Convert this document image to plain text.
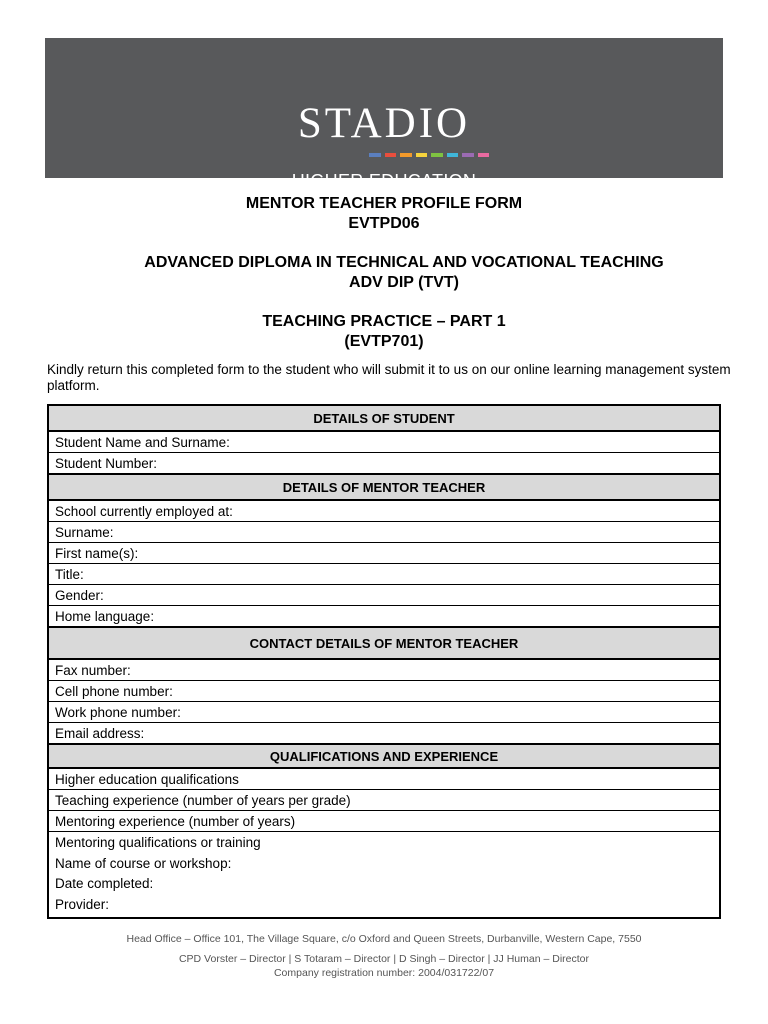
STADIO
HIGHER EDUCATION
MENTOR TEACHER PROFILE FORM
EVTPD06
ADVANCED DIPLOMA IN TECHNICAL AND VOCATIONAL TEACHING
ADV DIP (TVT)
TEACHING PRACTICE – PART 1
(EVTP701)
Kindly return this completed form to the student who will submit it to us on our online learning management system platform.
DETAILS OF STUDENT
Student Name and Surname:
Student Number:
DETAILS OF MENTOR TEACHER
School currently employed at:
Surname:
First name(s):
Title:
Gender:
Home language:
CONTACT DETAILS OF MENTOR TEACHER
Fax number:
Cell phone number:
Work phone number:
Email address:
QUALIFICATIONS AND EXPERIENCE
Higher education qualifications
Teaching experience (number of years per grade)
Mentoring experience (number of years)

Mentoring qualifications or training
Name of course or workshop:
Date completed:
Provider:
Head Office – Office 101, The Village Square, c/o Oxford and Queen Streets, Durbanville, Western Cape, 7550
CPD Vorster – Director | S Totaram – Director | D Singh – Director | JJ Human – Director
Company registration number: 2004/031722/07
